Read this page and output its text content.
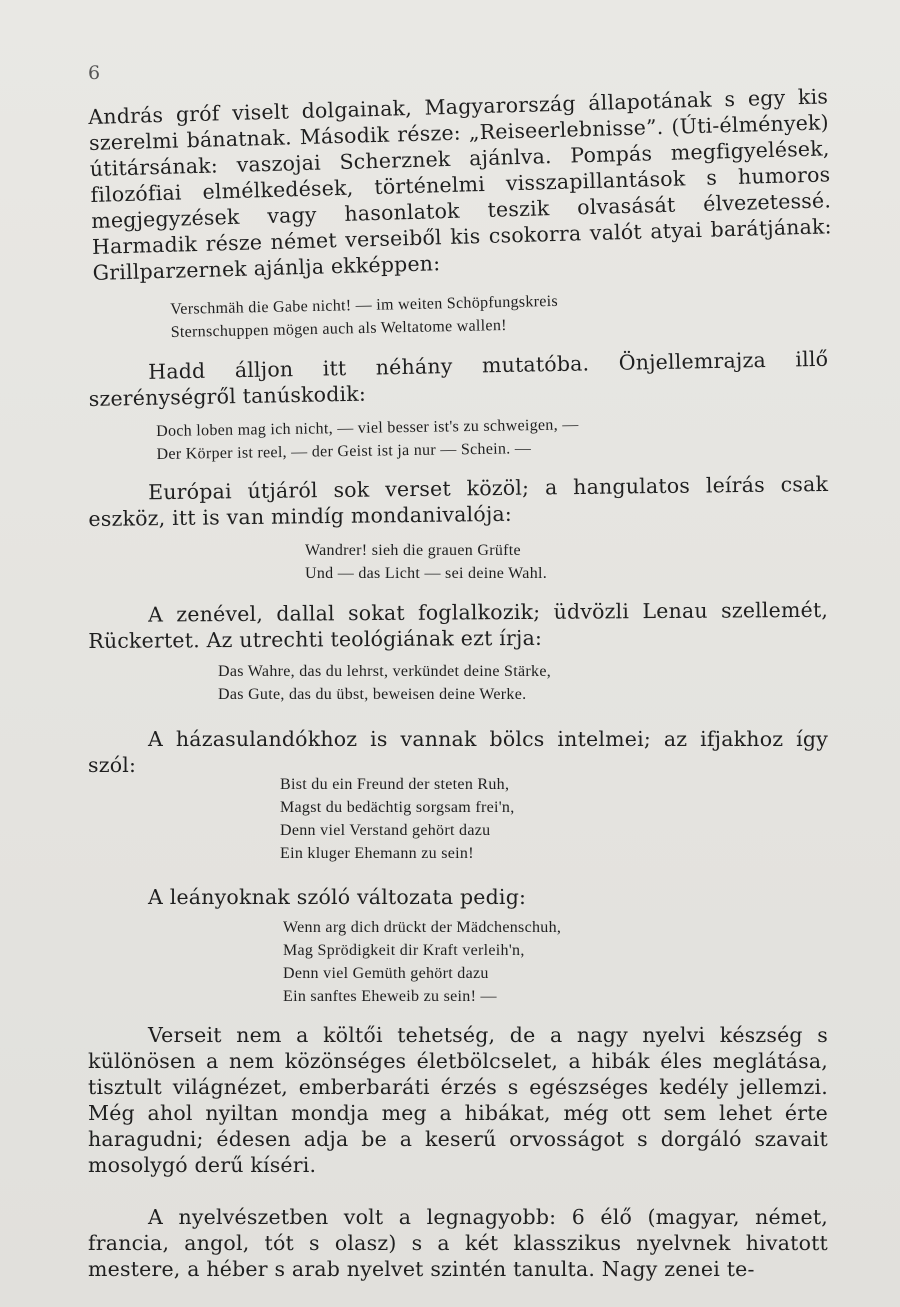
6

András gróf viselt dolgainak, Magyarország állapotának s egy kis szerelmi bánatnak. Második része: „Reiseerlebnisse”. (Úti-élmények) útitársának: vaszojai Scherznek ajánlva. Pompás megfigyelések, filozófiai elmélkedések, történelmi visszapillantások s humoros megjegyzések vagy hasonlatok teszik olvasását élvezetessé. Harmadik része német verseiből kis csokorra valót atyai barátjának: Grillparzernek ajánlja ekképpen:

Verschmäh die Gabe nicht! — im weiten Schöpfungskreis
Sternschuppen mögen auch als Weltatome wallen!

Hadd álljon itt néhány mutatóba. Önjellemrajza illő szerénységről tanúskodik:

Doch loben mag ich nicht, — viel besser ist's zu schweigen, —
Der Körper ist reel, — der Geist ist ja nur — Schein. —

Európai útjáról sok verset közöl; a hangulatos leírás csak eszköz, itt is van mindíg mondanivalója:

Wandrer! sieh die grauen Grüfte
Und — das Licht — sei deine Wahl.

A zenével, dallal sokat foglalkozik; üdvözli Lenau szellemét, Rückertet. Az utrechti teológiának ezt írja:

Das Wahre, das du lehrst, verkündet deine Stärke,
Das Gute, das du übst, beweisen deine Werke.

A házasulandókhoz is vannak bölcs intelmei; az ifjakhoz így szól:

Bist du ein Freund der steten Ruh,
Magst du bedächtig sorgsam frei'n,
Denn viel Verstand gehört dazu
Ein kluger Ehemann zu sein!

A leányoknak szóló változata pedig:

Wenn arg dich drückt der Mädchenschuh,
Mag Sprödigkeit dir Kraft verleih'n,
Denn viel Gemüth gehört dazu
Ein sanftes Eheweib zu sein! —

Verseit nem a költői tehetség, de a nagy nyelvi készség s különösen a nem közönséges életbölcselet, a hibák éles meglátása, tisztult világnézet, emberbaráti érzés s egészséges kedély jellemzi. Még ahol nyiltan mondja meg a hibákat, még ott sem lehet érte haragudni; édesen adja be a keserű orvosságot s dorgáló szavait mosolygó derű kíséri.

A nyelvészetben volt a legnagyobb: 6 élő (magyar, német, francia, angol, tót s olasz) s a két klasszikus nyelvnek hivatott mestere, a héber s arab nyelvet szintén tanulta. Nagy zenei te-
